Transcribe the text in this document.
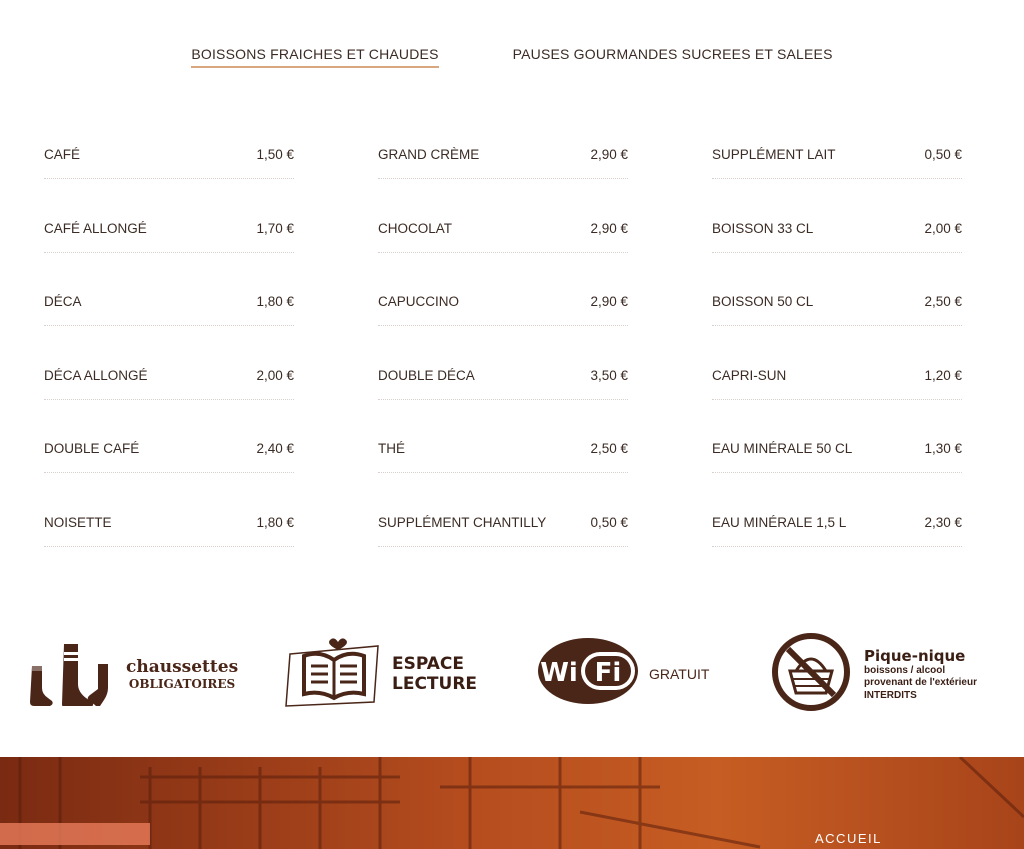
BOISSONS FRAICHES ET CHAUDES	PAUSES GOURMANDES SUCREES ET SALEES
CAFÉ	1,50 €
CAFÉ ALLONGÉ	1,70 €
DÉCA	1,80 €
DÉCA ALLONGÉ	2,00 €
DOUBLE CAFÉ	2,40 €
NOISETTE	1,80 €
GRAND CRÈME	2,90 €
CHOCOLAT	2,90 €
CAPUCCINO	2,90 €
DOUBLE DÉCA	3,50 €
THÉ	2,50 €
SUPPLÉMENT CHANTILLY	0,50 €
SUPPLÉMENT LAIT	0,50 €
BOISSON 33 CL	2,00 €
BOISSON 50 CL	2,50 €
CAPRI-SUN	1,20 €
EAU MINÉRALE 50 CL	1,30 €
EAU MINÉRALE 1,5 L	2,30 €
chaussettes
OBLIGATOIRES
ESPACE
LECTURE Wi Fi GRATUIT
Pique-nique
boissons / alcool
provenant de l'extérieur
INTERDITS
ACCUEIL
